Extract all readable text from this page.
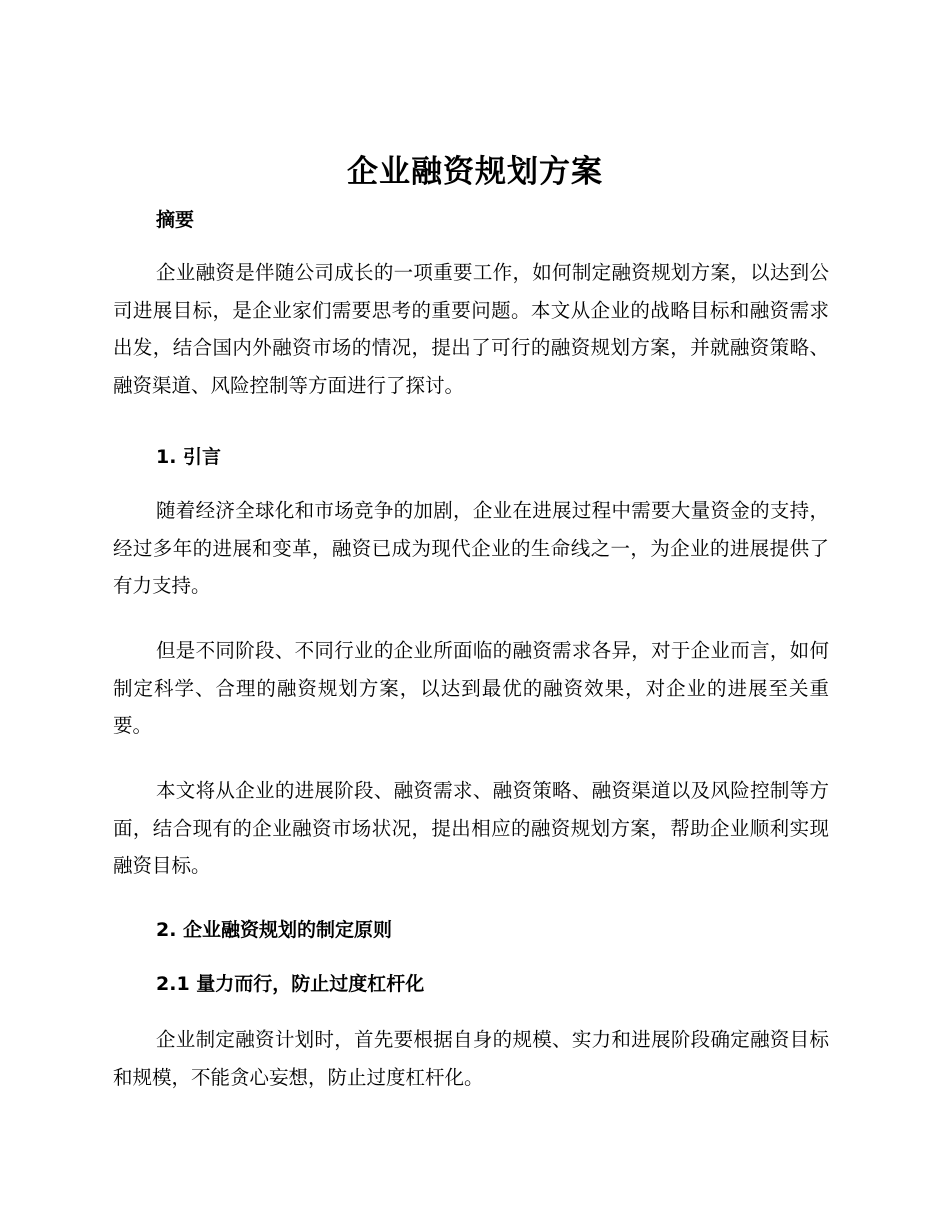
企业融资规划方案
摘要

企业融资是伴随公司成长的一项重要工作，如何制定融资规划方案，以达到公司进展目标，是企业家们需要思考的重要问题。本文从企业的战略目标和融资需求出发，结合国内外融资市场的情况，提出了可行的融资规划方案，并就融资策略、融资渠道、风险控制等方面进行了探讨。

1. 引言

随着经济全球化和市场竞争的加剧，企业在进展过程中需要大量资金的支持，经过多年的进展和变革，融资已成为现代企业的生命线之一，为企业的进展提供了有力支持。

但是不同阶段、不同行业的企业所面临的融资需求各异，对于企业而言，如何制定科学、合理的融资规划方案，以达到最优的融资效果，对企业的进展至关重要。

本文将从企业的进展阶段、融资需求、融资策略、融资渠道以及风险控制等方面，结合现有的企业融资市场状况，提出相应的融资规划方案，帮助企业顺利实现融资目标。

2. 企业融资规划的制定原则
2.1 量力而行，防止过度杠杆化

企业制定融资计划时，首先要根据自身的规模、实力和进展阶段确定融资目标和规模，不能贪心妄想，防止过度杠杆化。
